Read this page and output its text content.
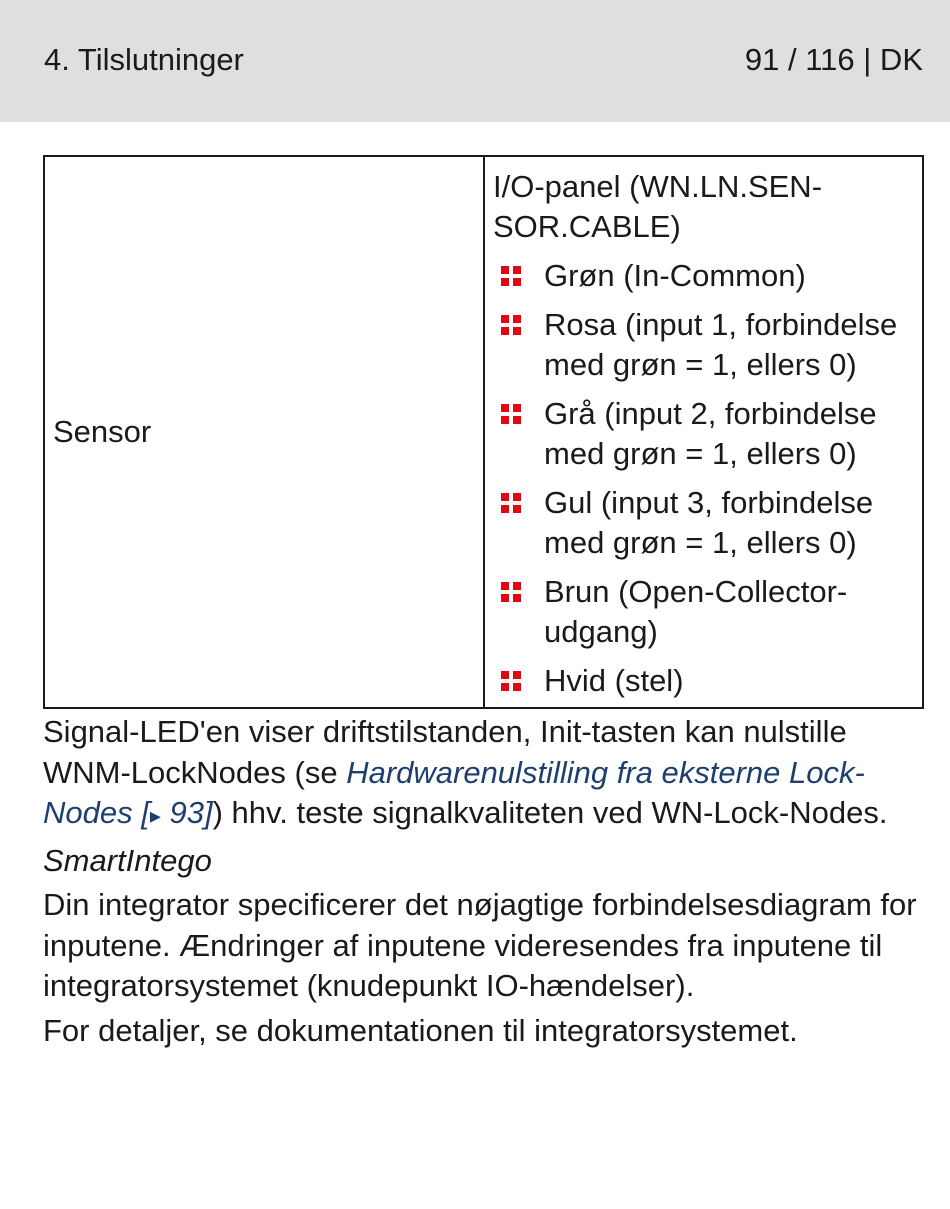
4. Tilslutninger	91 / 116 | DK
Sensor
I/O-panel (WN.LN.SEN-
SOR.CABLE)
Grøn (In-Common)
Rosa (input 1, forbindelse
med grøn = 1, ellers 0)
Grå (input 2, forbindelse
med grøn = 1, ellers 0)
Gul (input 3, forbindelse
med grøn = 1, ellers 0)
Brun (Open-Collector-
udgang)
Hvid (stel)

Signal-LED'en viser driftstilstanden, Init-tasten kan nulstille WNM-LockNodes (se Hardwarenulstilling fra eksterne Lock-Nodes [▸ 93]) hhv. teste signalkvaliteten ved WN-Lock-Nodes.

SmartIntego

Din integrator specificerer det nøjagtige forbindelsesdiagram for inputene. Ændringer af inputene videresendes fra inputene til integratorsystemet (knudepunkt IO-hændelser).

For detaljer, se dokumentationen til integratorsystemet.
